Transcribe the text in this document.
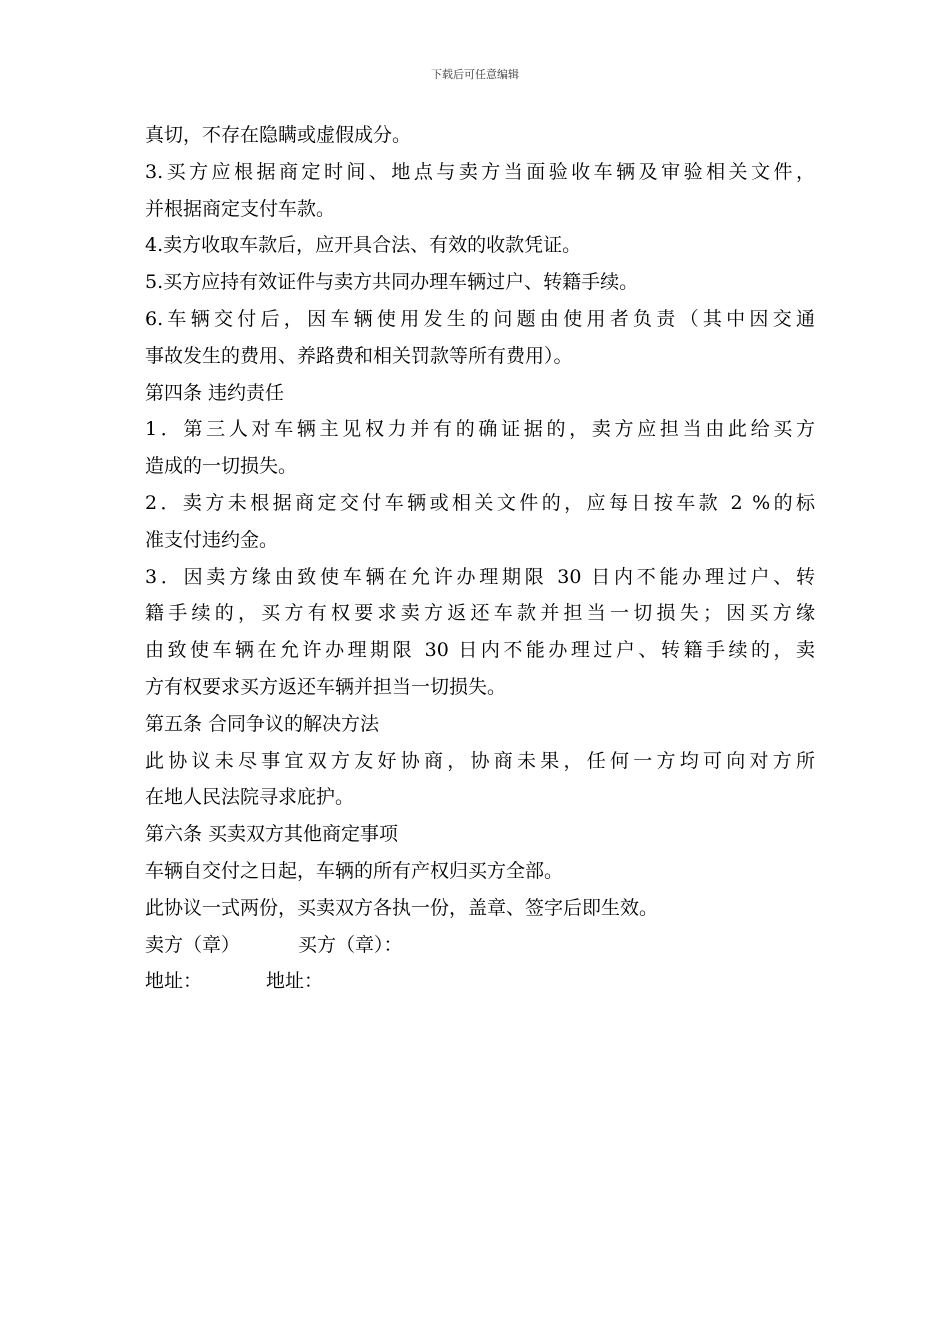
下载后可任意编辑
真切，不存在隐瞒或虚假成分。
3.买方应根据商定时间、地点与卖方当面验收车辆及审验相关文件，
并根据商定支付车款。
4.卖方收取车款后，应开具合法、有效的收款凭证。
5.买方应持有效证件与卖方共同办理车辆过户、转籍手续。
6.车辆交付后，因车辆使用发生的问题由使用者负责（其中因交通
事故发生的费用、养路费和相关罚款等所有费用）。
第四条 违约责任
1．第三人对车辆主见权力并有的确证据的，卖方应担当由此给买方
造成的一切损失。
2．卖方未根据商定交付车辆或相关文件的，应每日按车款 2 %的标
准支付违约金。
3．因卖方缘由致使车辆在允许办理期限 30 日内不能办理过户、转
籍手续的，买方有权要求卖方返还车款并担当一切损失；因买方缘
由致使车辆在允许办理期限 30 日内不能办理过户、转籍手续的，卖
方有权要求买方返还车辆并担当一切损失。
第五条 合同争议的解决方法
此协议未尽事宜双方友好协商，协商未果，任何一方均可向对方所
在地人民法院寻求庇护。
第六条 买卖双方其他商定事项
车辆自交付之日起，车辆的所有产权归买方全部。
此协议一式两份，买卖双方各执一份，盖章、签字后即生效。
卖方（章）	买方（章）：
地址：	地址：
